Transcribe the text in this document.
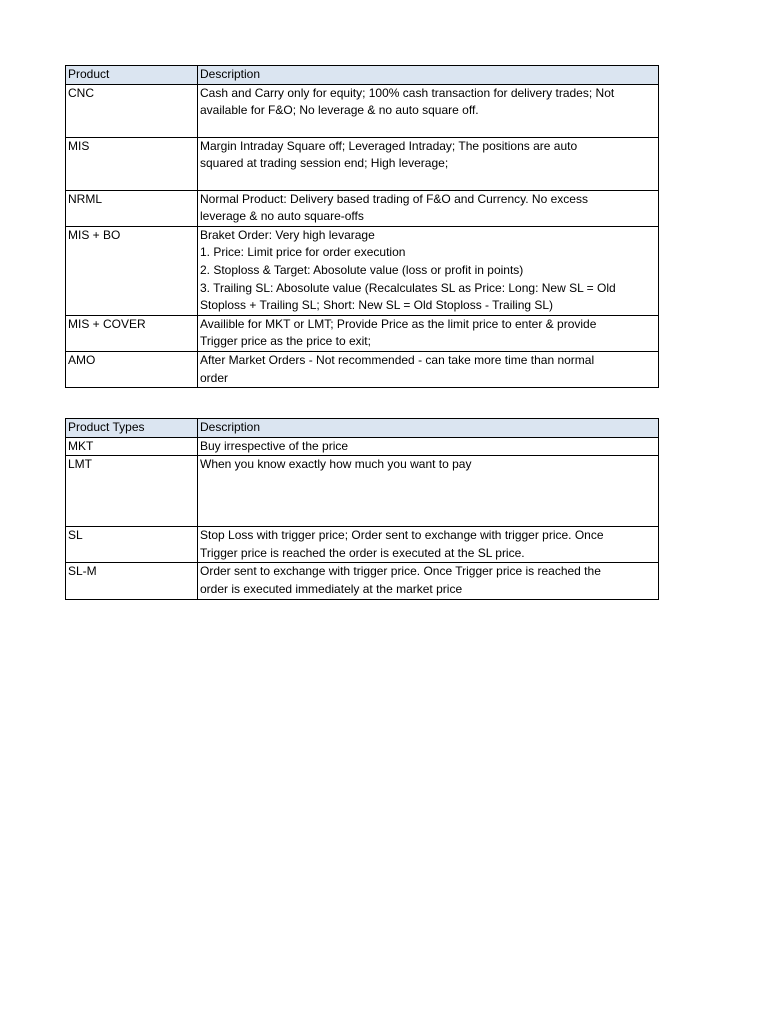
Product	Description
CNC	Cash and Carry only for equity; 100% cash transaction for delivery trades; Not
available for F&O; No leverage & no auto square off.

MIS	Margin Intraday Square off; Leveraged Intraday; The positions are auto
squared at trading session end; High leverage;

NRML	Normal Product: Delivery based trading of F&O and Currency. No excess
leverage & no auto square-offs

MIS + BO	Braket Order: Very high levarage
1. Price: Limit price for order execution
2. Stoploss & Target: Abosolute value (loss or profit in points)
3. Trailing SL: Abosolute value (Recalculates SL as Price: Long: New SL = Old
Stoploss + Trailing SL; Short: New SL = Old Stoploss - Trailing SL)

MIS + COVER	Availible for MKT or LMT; Provide Price as the limit price to enter & provide
Trigger price as the price to exit;

AMO	After Market Orders - Not recommended - can take more time than normal
order
Product Types	Description
MKT	Buy irrespective of the price

LMT	When you know exactly how much you want to pay

SL	Stop Loss with trigger price; Order sent to exchange with trigger price. Once
Trigger price is reached the order is executed at the SL price.

SL-M	Order sent to exchange with trigger price. Once Trigger price is reached the
order is executed immediately at the market price
